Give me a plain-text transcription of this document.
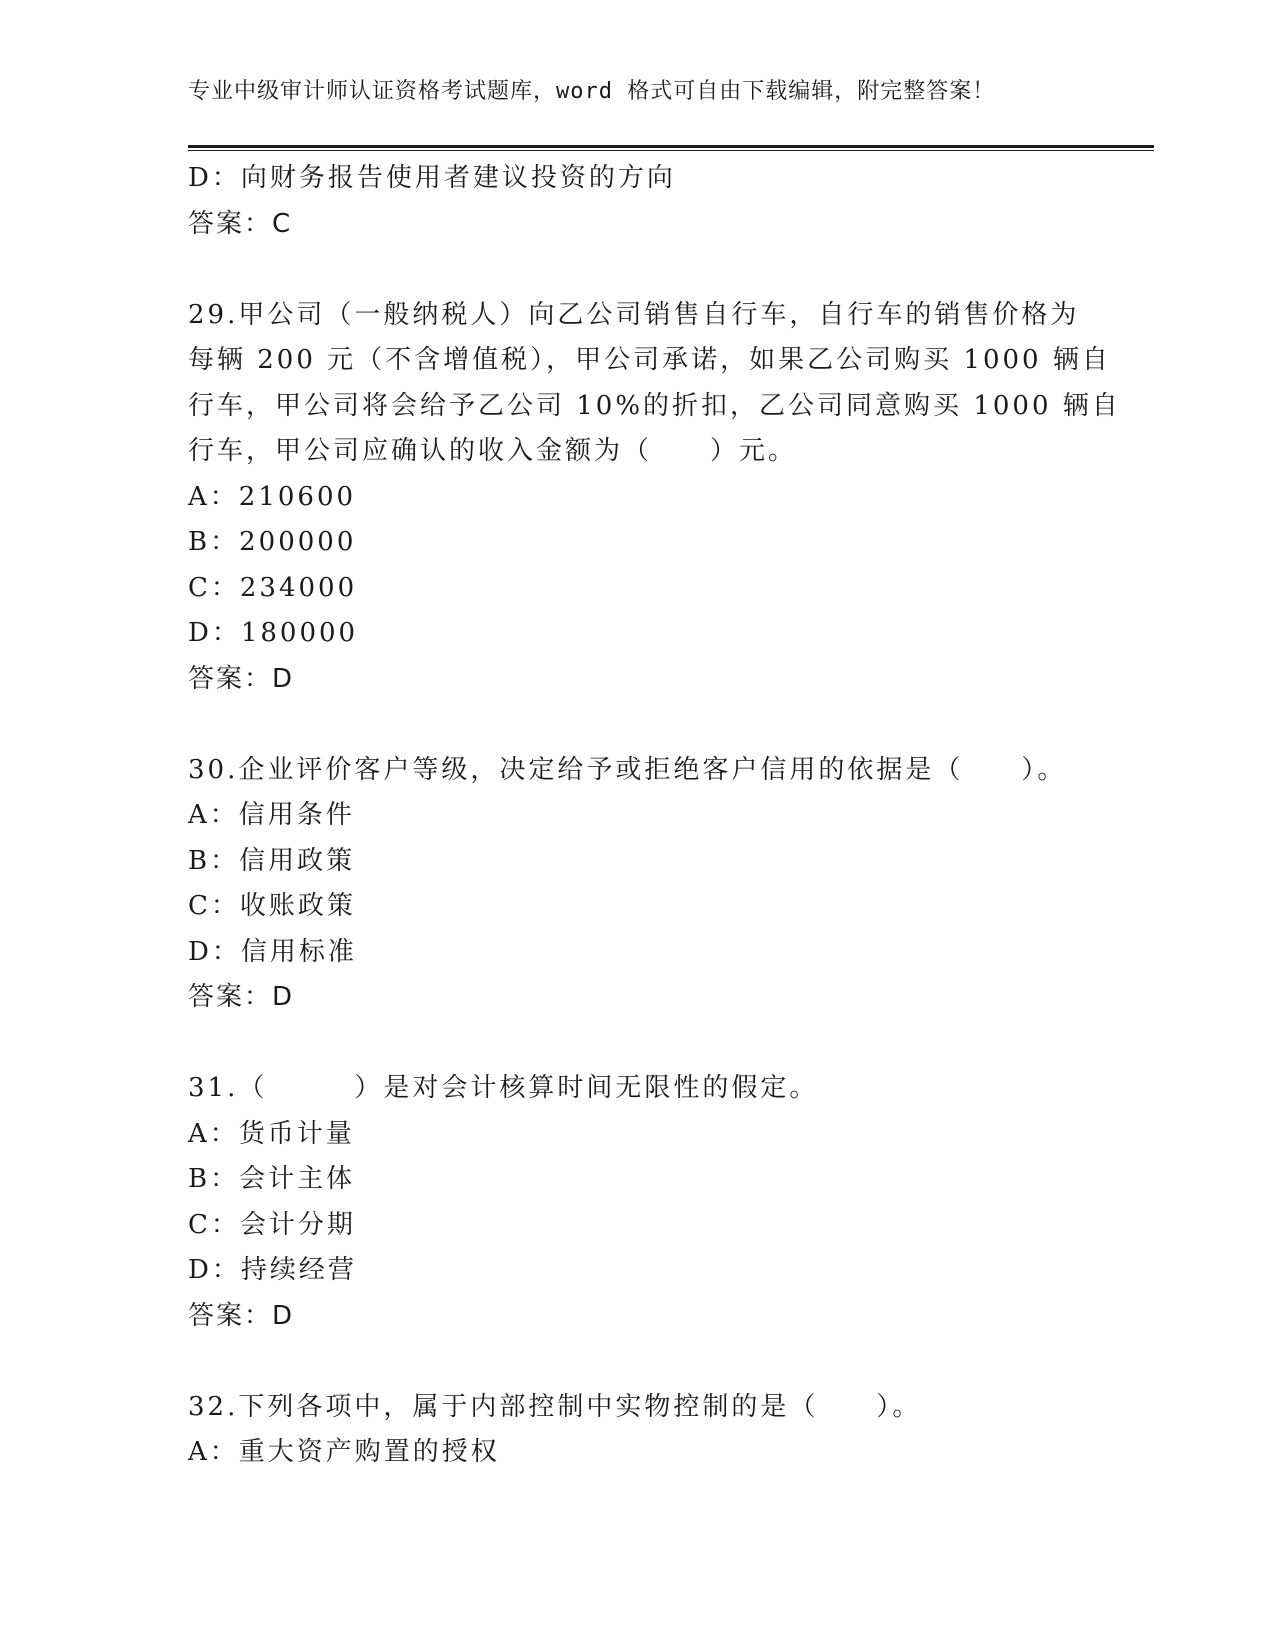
专业中级审计师认证资格考试题库，word 格式可自由下载编辑，附完整答案！
D：向财务报告使用者建议投资的方向
答案：C
29.甲公司（一般纳税人）向乙公司销售自行车，自行车的销售价格为
每辆 200 元（不含增值税），甲公司承诺，如果乙公司购买 1000 辆自
行车，甲公司将会给予乙公司 10%的折扣，乙公司同意购买 1000 辆自
行车，甲公司应确认的收入金额为（　　）元。
A：210600
B：200000
C：234000
D：180000
答案：D
30.企业评价客户等级，决定给予或拒绝客户信用的依据是（　　）。
A：信用条件
B：信用政策
C：收账政策
D：信用标准
答案：D
31.（　　　）是对会计核算时间无限性的假定。
A：货币计量
B：会计主体
C：会计分期
D：持续经营
答案：D
32.下列各项中，属于内部控制中实物控制的是（　　）。
A：重大资产购置的授权
